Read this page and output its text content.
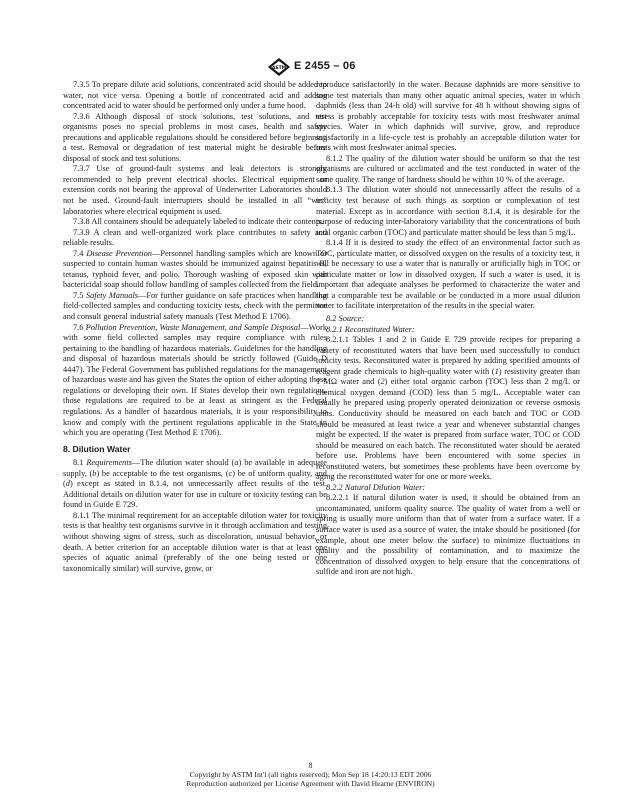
ASTM E 2455 – 06

7.3.5 To prepare dilute acid solutions, concentrated acid should be added to water, not vice versa. Opening a bottle of concentrated acid and adding concentrated acid to water should be performed only under a fume hood.

7.3.6 Although disposal of stock solutions, test solutions, and test organisms poses no special problems in most cases, health and safety precautions and applicable regulations should be considered before beginning a test. Removal or degradation of test material might be desirable before disposal of stock and test solutions.

7.3.7 Use of ground-fault systems and leak detectors is strongly recommended to help prevent electrical shocks. Electrical equipment or extension cords not bearing the approval of Underwriter Laboratories should not be used. Ground-fault interrupters should be installed in all “wet” laboratories where electrical equipment is used.

7.3.8 All containers should be adequately labeled to indicate their contents.

7.3.9 A clean and well-organized work place contributes to safety and reliable results.

7.4 Disease Prevention—Personnel handling samples which are known or suspected to contain human wastes should be immunized against hepatitis B, tetanus, typhoid fever, and polio. Thorough washing of exposed skin with bactericidal soap should follow handling of samples collected from the field.

7.5 Safety Manuals—For further guidance on safe practices when handling field-collected samples and conducting toxicity tests, check with the permittee and consult general industrial safety manuals (Test Method E 1706).

7.6 Pollution Prevention, Waste Management, and Sample Disposal—Work with some field collected samples may require compliance with rules pertaining to the handling of hazardous materials. Guidelines for the handling and disposal of hazardous materials should be strictly followed (Guide D 4447). The Federal Government has published regulations for the management of hazardous waste and has given the States the option of either adopting those regulations or developing their own. If States develop their own regulations, those regulations are required to be at least as stringent as the Federal regulations. As a handler of hazardous materials, it is your responsibility to know and comply with the pertinent regulations applicable in the State in which you are operating (Test Method E 1706).

8. Dilution Water

8.1 Requirements—The dilution water should (a) be available in adequate supply, (b) be acceptable to the test organisms, (c) be of uniform quality, and (d) except as stated in 8.1.4, not unnecessarily affect results of the test. Additional details on dilution water for use in culture or toxicity testing can be found in Guide E 729.

8.1.1 The minimal requirement for an acceptable dilution water for toxicity tests is that healthy test organisms survive in it through acclimation and testing without showing signs of stress, such as discoloration, unusual behavior, or death. A better criterion for an acceptable dilution water is that at least one species of aquatic animal (preferably of the one being tested or one taxonomically similar) will survive, grow, or

reproduce satisfactorily in the water. Because daphnids are more sensitive to some test materials than many other aquatic animal species, water in which daphnids (less than 24-h old) will survive for 48 h without showing signs of stress is probably acceptable for toxicity tests with most freshwater animal species. Water in which daphnids will survive, grow, and reproduce satisfactorily in a life-cycle test is probably an acceptable dilution water for tests with most freshwater animal species.

8.1.2 The quality of the dilution water should be uniform so that the test organisms are cultured or acclimated and the test conducted in water of the same quality. The range of hardness should be within 10 % of the average.

8.1.3 The dilution water should not unnecessarily affect the results of a toxicity test because of such things as sorption or complexation of test material. Except as in accordance with section 8.1.4, it is desirable for the purpose of reducing inter-laboratory variability that the concentrations of both total organic carbon (TOC) and particulate matter should be less than 5 mg/L.

8.1.4 If it is desired to study the effect of an environmental factor such as TOC, particulate matter, or dissolved oxygen on the results of a toxicity test, it will be necessary to use a water that is naturally or artificially high in TOC or particulate matter or low in dissolved oxygen. If such a water is used, it is important that adequate analyses be performed to characterize the water and that a comparable test be available or be conducted in a more usual dilution water to facilitate interpretation of the results in the special water.

8.2 Source:

8.2.1 Reconstituted Water:

8.2.1.1 Tables 1 and 2 in Guide E 729 provide recipes for preparing a variety of reconstituted waters that have been used successfully to conduct toxicity tests. Reconstituted water is prepared by adding specified amounts of reagent grade chemicals to high-quality water with (1) resistivity greater than 1 MΩ water and (2) either total organic carbon (TOC) less than 2 mg/L or chemical oxygen demand (COD) less than 5 mg/L. Acceptable water can usually be prepared using properly operated deionization or reverse osmosis units. Conductivity should be measured on each batch and TOC or COD should be measured at least twice a year and whenever substantial changes might be expected. If the water is prepared from surface water, TOC or COD should be measured on each batch. The reconstituted water should be aerated before use. Problems have been encountered with some species in reconstituted waters, but sometimes these problems have been overcome by aging the reconstituted water for one or more weeks.

8.2.2 Natural Dilution Water:

8.2.2.1 If natural dilution water is used, it should be obtained from an uncontaminated, uniform quality source. The quality of water from a well or spring is usually more uniform than that of water from a surface water. If a surface water is used as a source of water, the intake should be positioned (for example, about one meter below the surface) to minimize fluctuations in quality and the possibility of contamination, and to maximize the concentration of dissolved oxygen to help ensure that the concentrations of sulfide and iron are not high.

8
Copyright by ASTM Int'l (all rights reserved); Mon Sep 18 14:20:13 EDT 2006
Reproduction authorized per License Agreement with David Hearne (ENVIRON)
